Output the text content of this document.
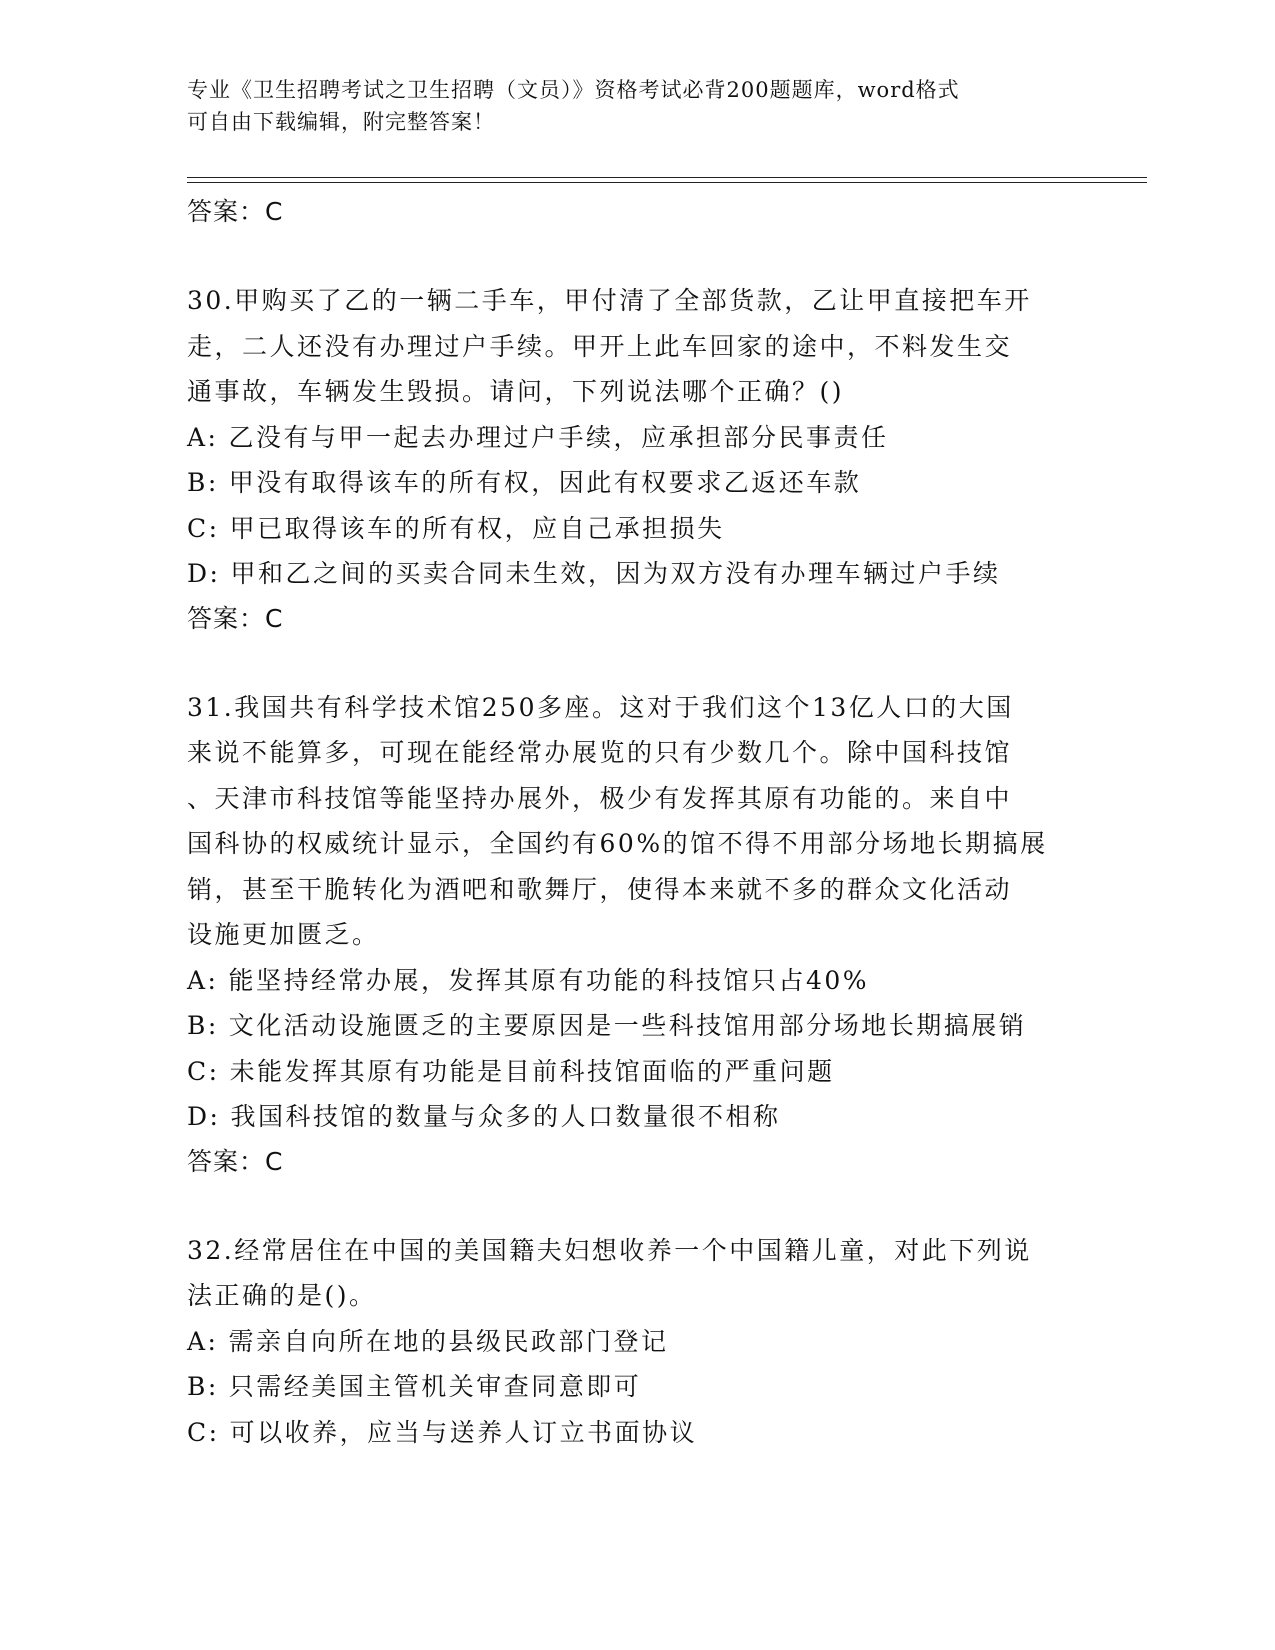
专业《卫生招聘考试之卫生招聘（文员）》资格考试必背200题题库，word格式
可自由下载编辑，附完整答案！
答案：C
30.甲购买了乙的一辆二手车，甲付清了全部货款，乙让甲直接把车开
走，二人还没有办理过户手续。甲开上此车回家的途中，不料发生交
通事故，车辆发生毁损。请问，下列说法哪个正确？()
A: 乙没有与甲一起去办理过户手续，应承担部分民事责任
B: 甲没有取得该车的所有权，因此有权要求乙返还车款
C: 甲已取得该车的所有权，应自己承担损失
D: 甲和乙之间的买卖合同未生效，因为双方没有办理车辆过户手续
答案：C
31.我国共有科学技术馆250多座。这对于我们这个13亿人口的大国
来说不能算多，可现在能经常办展览的只有少数几个。除中国科技馆
、天津市科技馆等能坚持办展外，极少有发挥其原有功能的。来自中
国科协的权威统计显示，全国约有60%的馆不得不用部分场地长期搞展
销，甚至干脆转化为酒吧和歌舞厅，使得本来就不多的群众文化活动
设施更加匮乏。
A: 能坚持经常办展，发挥其原有功能的科技馆只占40%
B: 文化活动设施匮乏的主要原因是一些科技馆用部分场地长期搞展销
C: 未能发挥其原有功能是目前科技馆面临的严重问题
D: 我国科技馆的数量与众多的人口数量很不相称
答案：C
32.经常居住在中国的美国籍夫妇想收养一个中国籍儿童，对此下列说
法正确的是()。
A: 需亲自向所在地的县级民政部门登记
B: 只需经美国主管机关审查同意即可
C: 可以收养，应当与送养人订立书面协议
